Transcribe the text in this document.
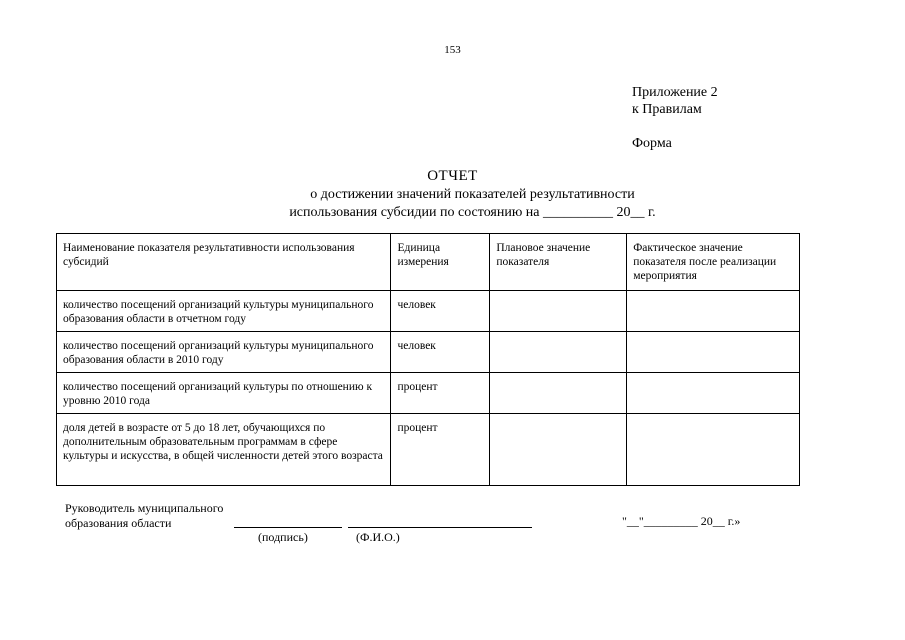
153
Приложение 2
к Правилам
Форма
ОТЧЕТ
о достижении значений показателей результативности
использования субсидии по состоянию на __________ 20__ г.
Наименование показателя результативности использования субсидий	Единица измерения	Плановое значение показателя	Фактическое значение показателя после реализации мероприятия
количество посещений организаций культуры муниципального образования области в отчетном году	человек		
количество посещений организаций культуры муниципального образования области в 2010 году	человек		
количество посещений организаций культуры по отношению к уровню 2010 года	процент		
доля детей в возрасте от 5 до 18 лет, обучающихся по дополнительным образовательным программам в сфере культуры и искусства, в общей численности детей этого возраста	процент		
Руководитель муниципального
образования области
(подпись)	(Ф.И.О.)
"__"_________ 20__ г.»
